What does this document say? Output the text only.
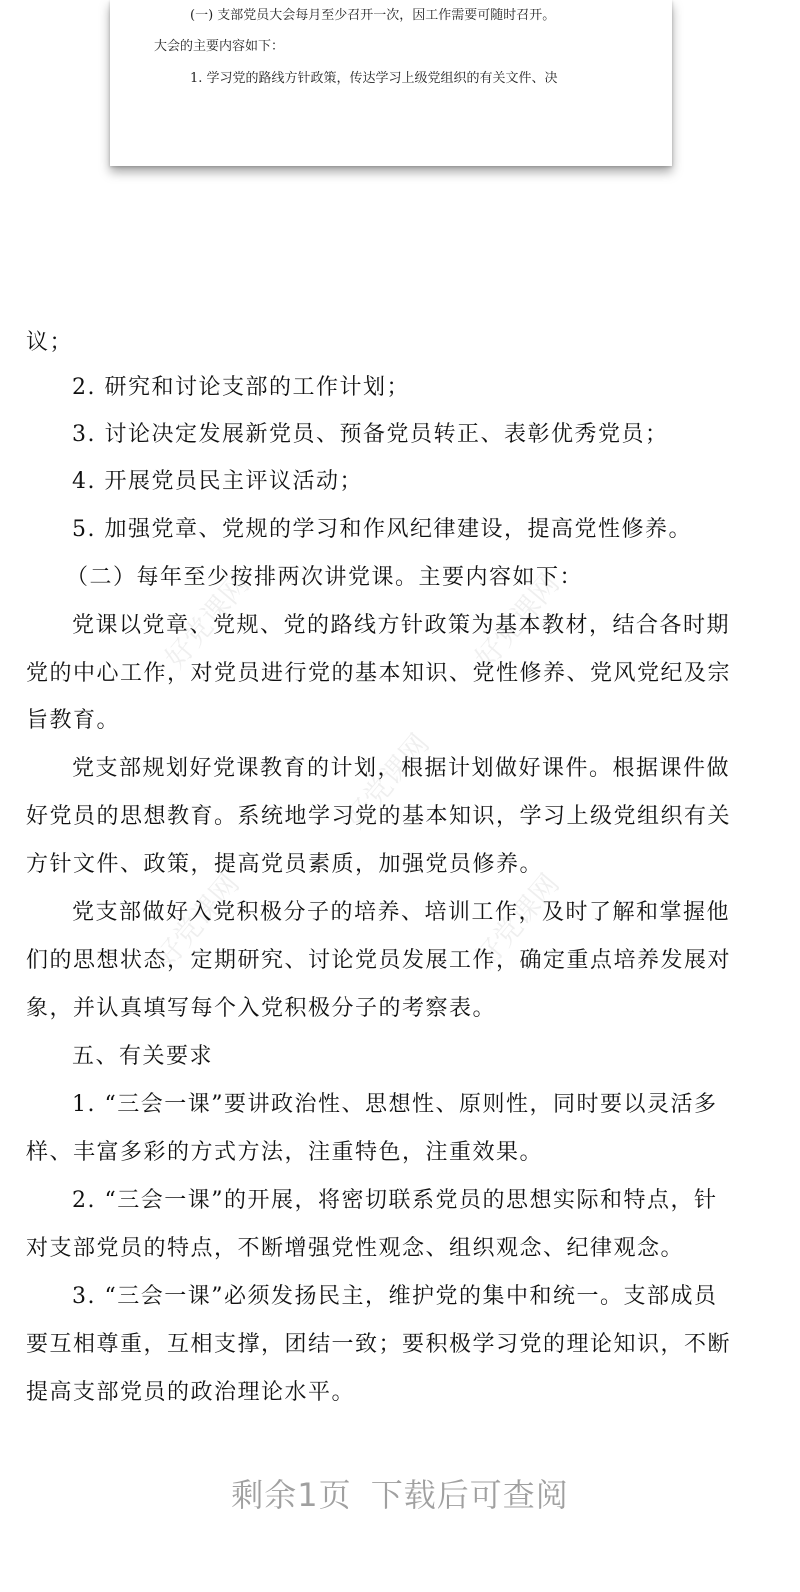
(一) 支部党员大会每月至少召开一次，因工作需要可随时召开。
大会的主要内容如下：
1. 学习党的路线方针政策，传达学习上级党组织的有关文件、决
好党课网	好党课网
好党课网
好党课网	好党课网
议；
2. 研究和讨论支部的工作计划；
3. 讨论决定发展新党员、预备党员转正、表彰优秀党员；
4. 开展党员民主评议活动；
5. 加强党章、党规的学习和作风纪律建设，提高党性修养。
（二）每年至少按排两次讲党课。主要内容如下：
党课以党章、党规、党的路线方针政策为基本教材，结合各时期
党的中心工作，对党员进行党的基本知识、党性修养、党风党纪及宗
旨教育。
党支部规划好党课教育的计划，根据计划做好课件。根据课件做
好党员的思想教育。系统地学习党的基本知识，学习上级党组织有关
方针文件、政策，提高党员素质，加强党员修养。
党支部做好入党积极分子的培养、培训工作，及时了解和掌握他
们的思想状态，定期研究、讨论党员发展工作，确定重点培养发展对
象，并认真填写每个入党积极分子的考察表。
五、有关要求
1. “三会一课”要讲政治性、思想性、原则性，同时要以灵活多
样、丰富多彩的方式方法，注重特色，注重效果。
2. “三会一课”的开展，将密切联系党员的思想实际和特点，针
对支部党员的特点，不断增强党性观念、组织观念、纪律观念。
3. “三会一课”必须发扬民主，维护党的集中和统一。支部成员
要互相尊重，互相支撑，团结一致；要积极学习党的理论知识，不断
提高支部党员的政治理论水平。
剩余1页 下载后可查阅
